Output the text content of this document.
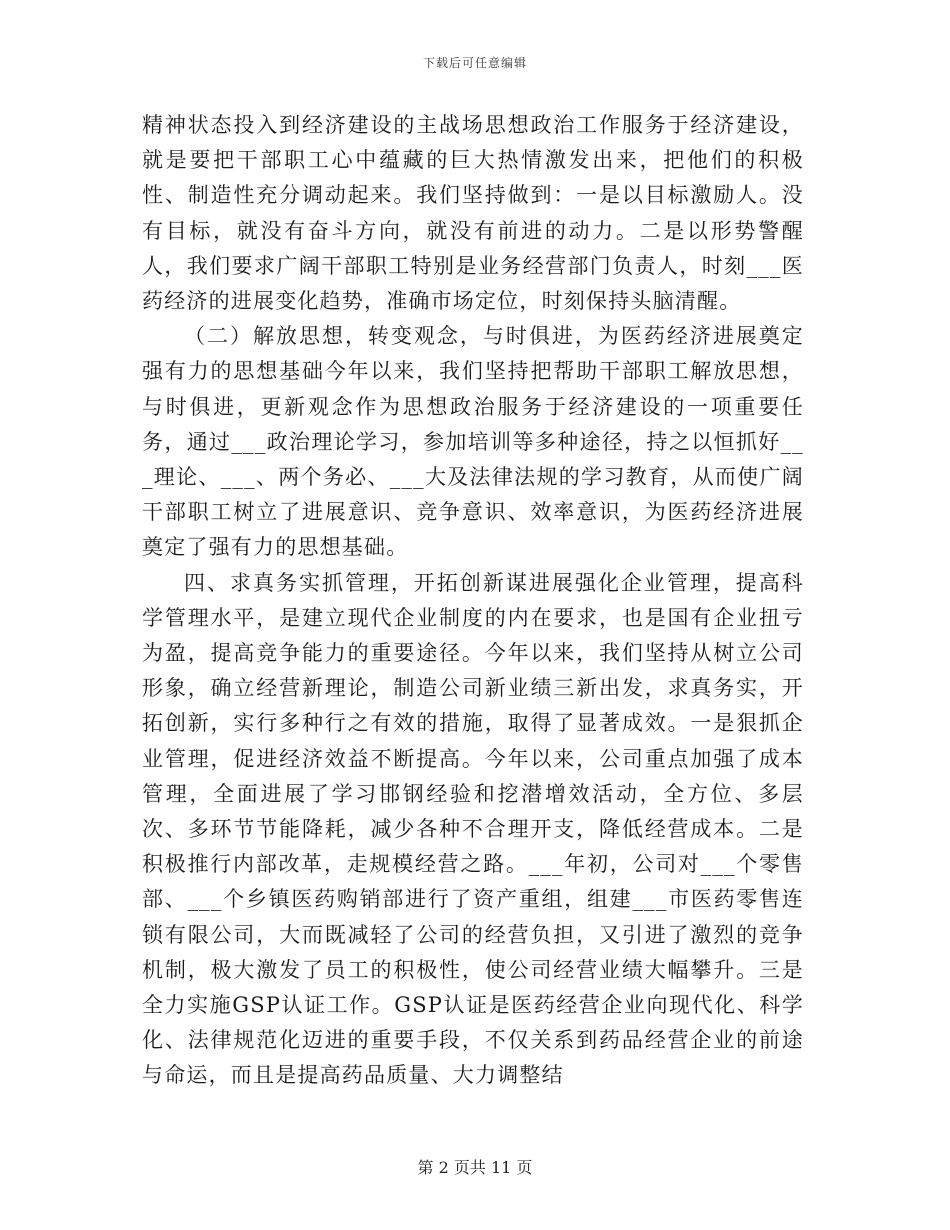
下载后可任意编辑

精神状态投入到经济建设的主战场思想政治工作服务于经济建设，就是要把干部职工心中蕴藏的巨大热情激发出来，把他们的积极性、制造性充分调动起来。我们坚持做到：一是以目标激励人。没有目标，就没有奋斗方向，就没有前进的动力。二是以形势警醒人，我们要求广阔干部职工特别是业务经营部门负责人，时刻___医药经济的进展变化趋势，准确市场定位，时刻保持头脑清醒。

（二）解放思想，转变观念，与时俱进，为医药经济进展奠定强有力的思想基础今年以来，我们坚持把帮助干部职工解放思想，与时俱进，更新观念作为思想政治服务于经济建设的一项重要任务，通过___政治理论学习，参加培训等多种途径，持之以恒抓好___理论、___、两个务必、___大及法律法规的学习教育，从而使广阔干部职工树立了进展意识、竞争意识、效率意识，为医药经济进展奠定了强有力的思想基础。

四、求真务实抓管理，开拓创新谋进展强化企业管理，提高科学管理水平，是建立现代企业制度的内在要求，也是国有企业扭亏为盈，提高竞争能力的重要途径。今年以来，我们坚持从树立公司形象，确立经营新理论，制造公司新业绩三新出发，求真务实，开拓创新，实行多种行之有效的措施，取得了显著成效。一是狠抓企业管理，促进经济效益不断提高。今年以来，公司重点加强了成本管理，全面进展了学习邯钢经验和挖潜增效活动，全方位、多层次、多环节节能降耗，减少各种不合理开支，降低经营成本。二是积极推行内部改革，走规模经营之路。___年初，公司对___个零售部、___个乡镇医药购销部进行了资产重组，组建___市医药零售连锁有限公司，大而既减轻了公司的经营负担，又引进了激烈的竞争机制，极大激发了员工的积极性，使公司经营业绩大幅攀升。三是全力实施GSP认证工作。GSP认证是医药经营企业向现代化、科学化、法律规范化迈进的重要手段，不仅关系到药品经营企业的前途与命运，而且是提高药品质量、大力调整结

第 2 页共 11 页
